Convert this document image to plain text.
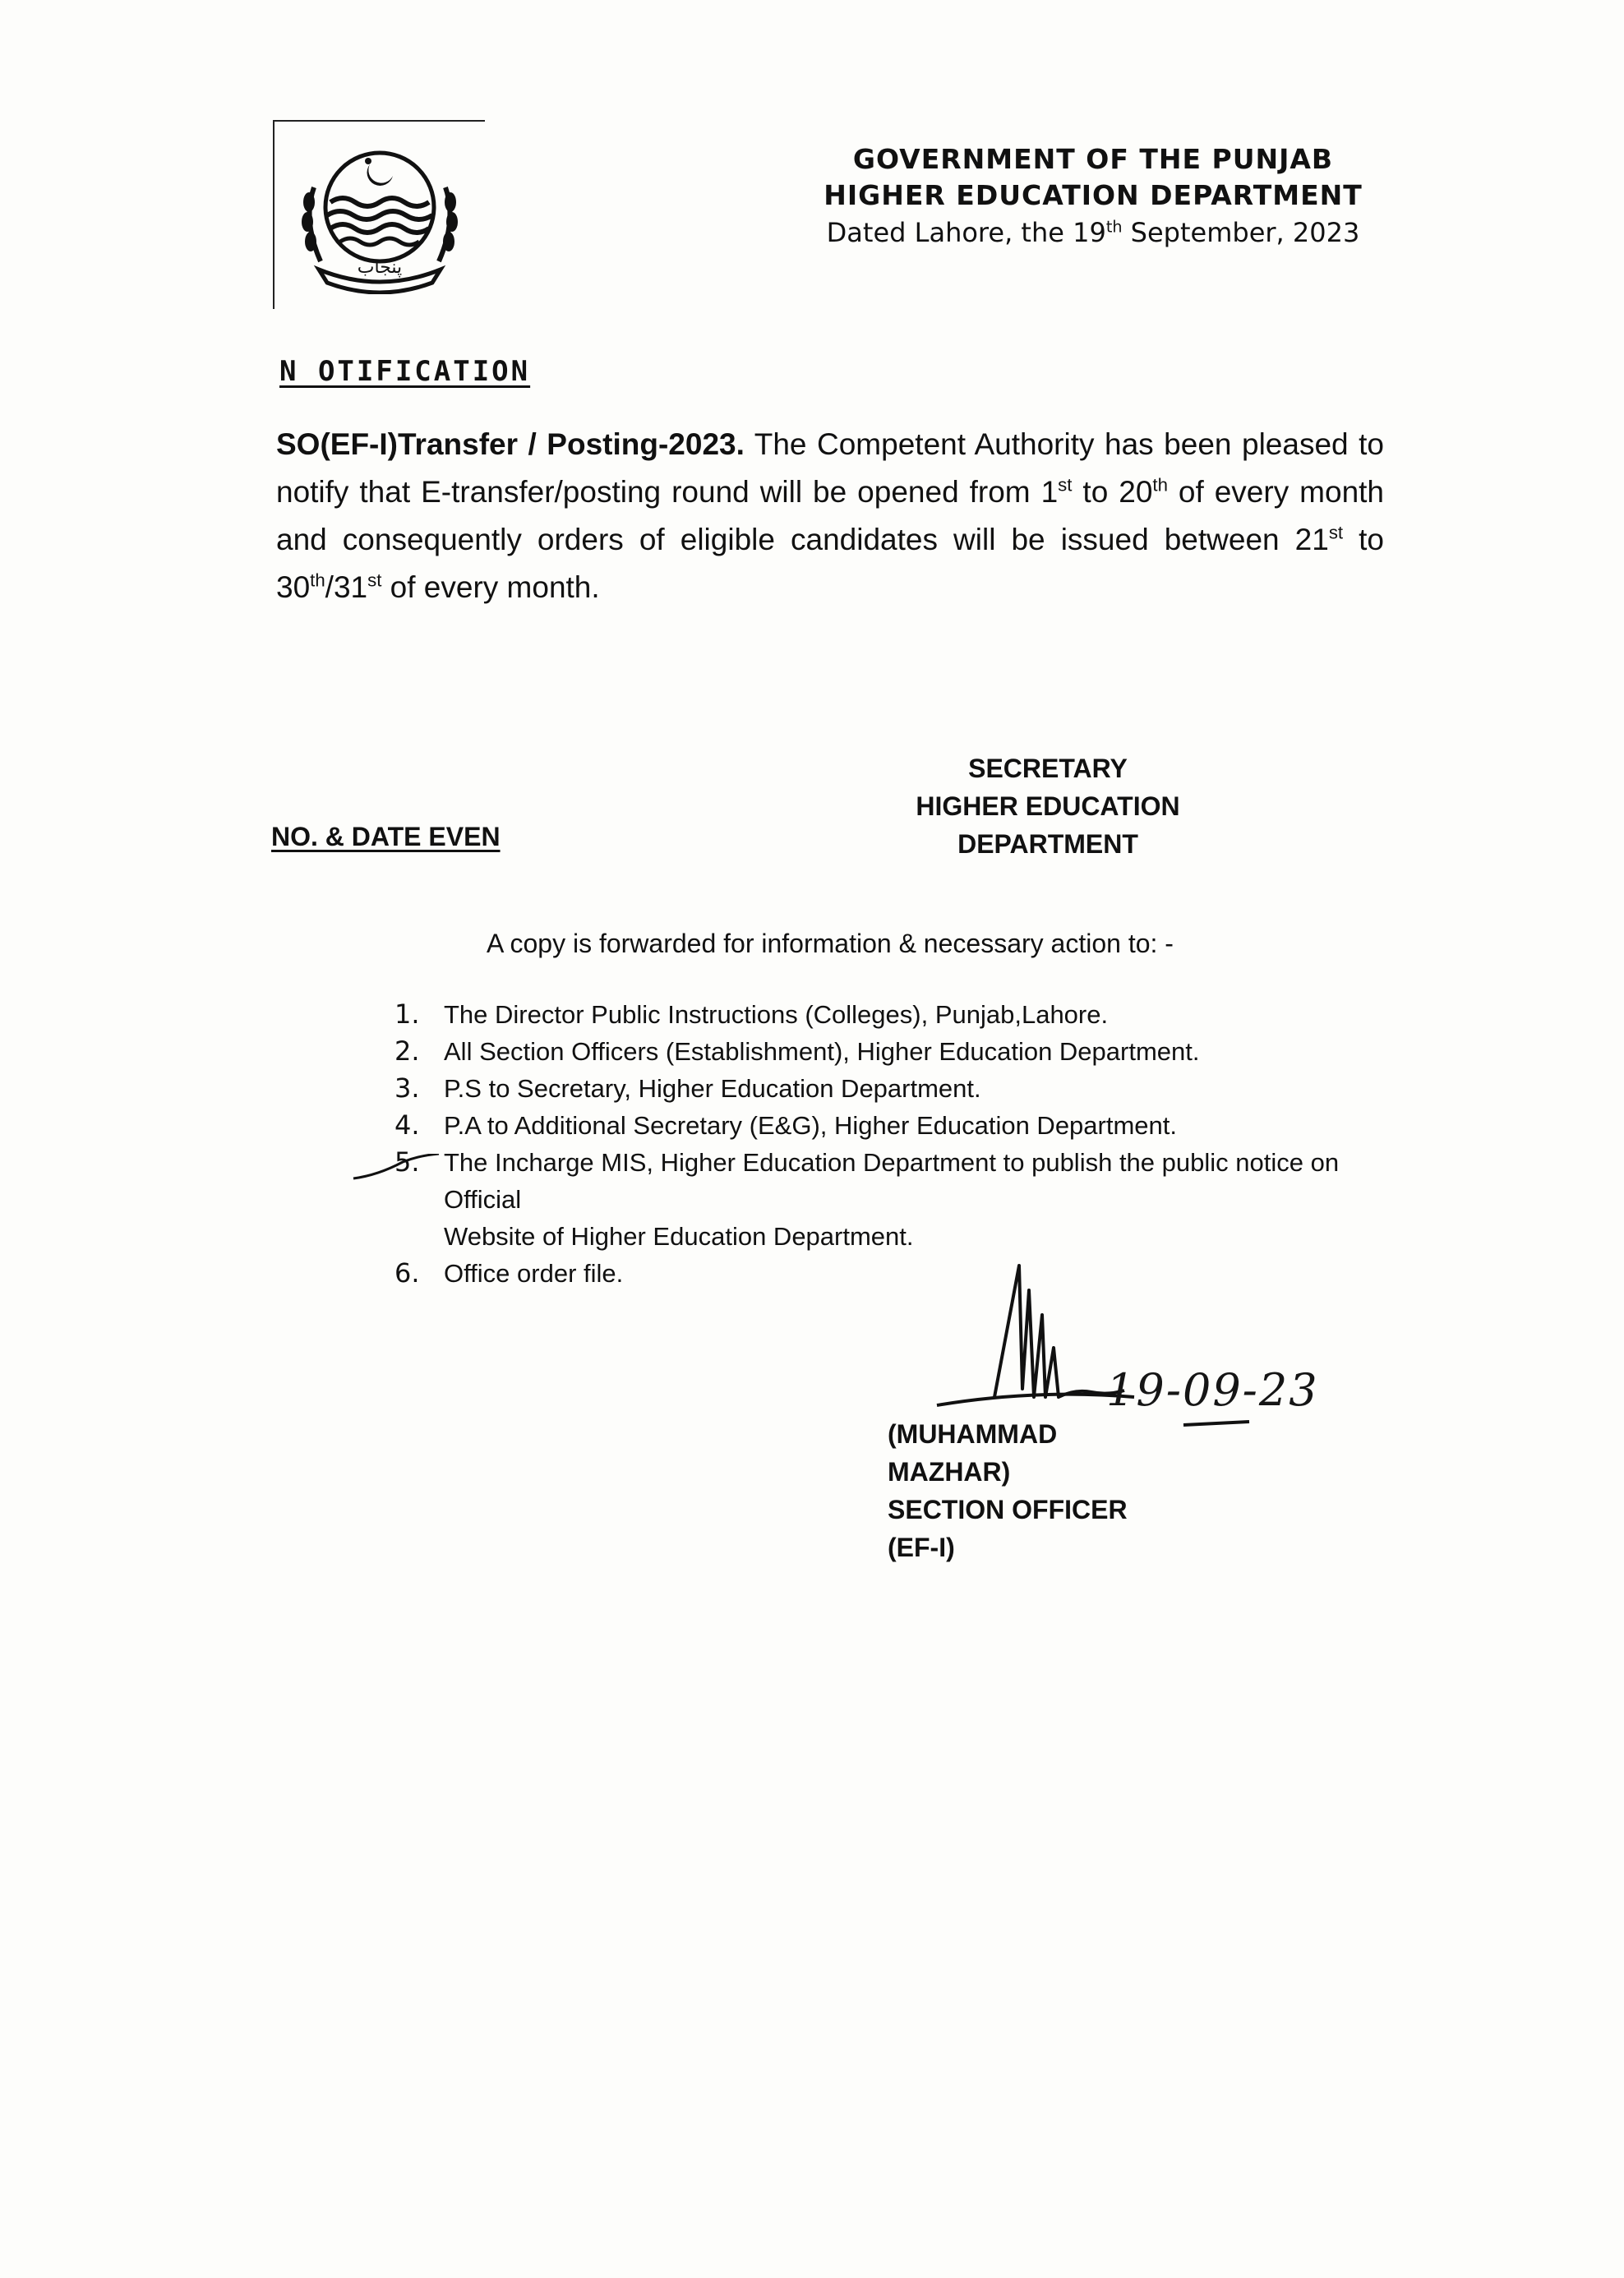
پنجاب
GOVERNMENT OF THE PUNJAB
HIGHER EDUCATION DEPARTMENT
Dated Lahore, the 19th September, 2023
N OTIFICATION
SO(EF-I)Transfer / Posting-2023. The Competent Authority has been pleased to notify that E-transfer/posting round will be opened from 1st to 20th of every month and consequently orders of eligible candidates will be issued between 21st to 30th/31st of every month.
SECRETARY
HIGHER EDUCATION DEPARTMENT
NO. & DATE EVEN
A copy is forwarded for information & necessary action to: -
1. The Director Public Instructions (Colleges), Punjab,Lahore.
2. All Section Officers (Establishment), Higher Education Department.
3. P.S to Secretary, Higher Education Department.
4. P.A to Additional Secretary (E&G), Higher Education Department.
5. The Incharge MIS, Higher Education Department to publish the public notice on Official
Website of Higher Education Department.
6. Office order file.
19-09-23
(MUHAMMAD MAZHAR)
SECTION OFFICER (EF-I)
